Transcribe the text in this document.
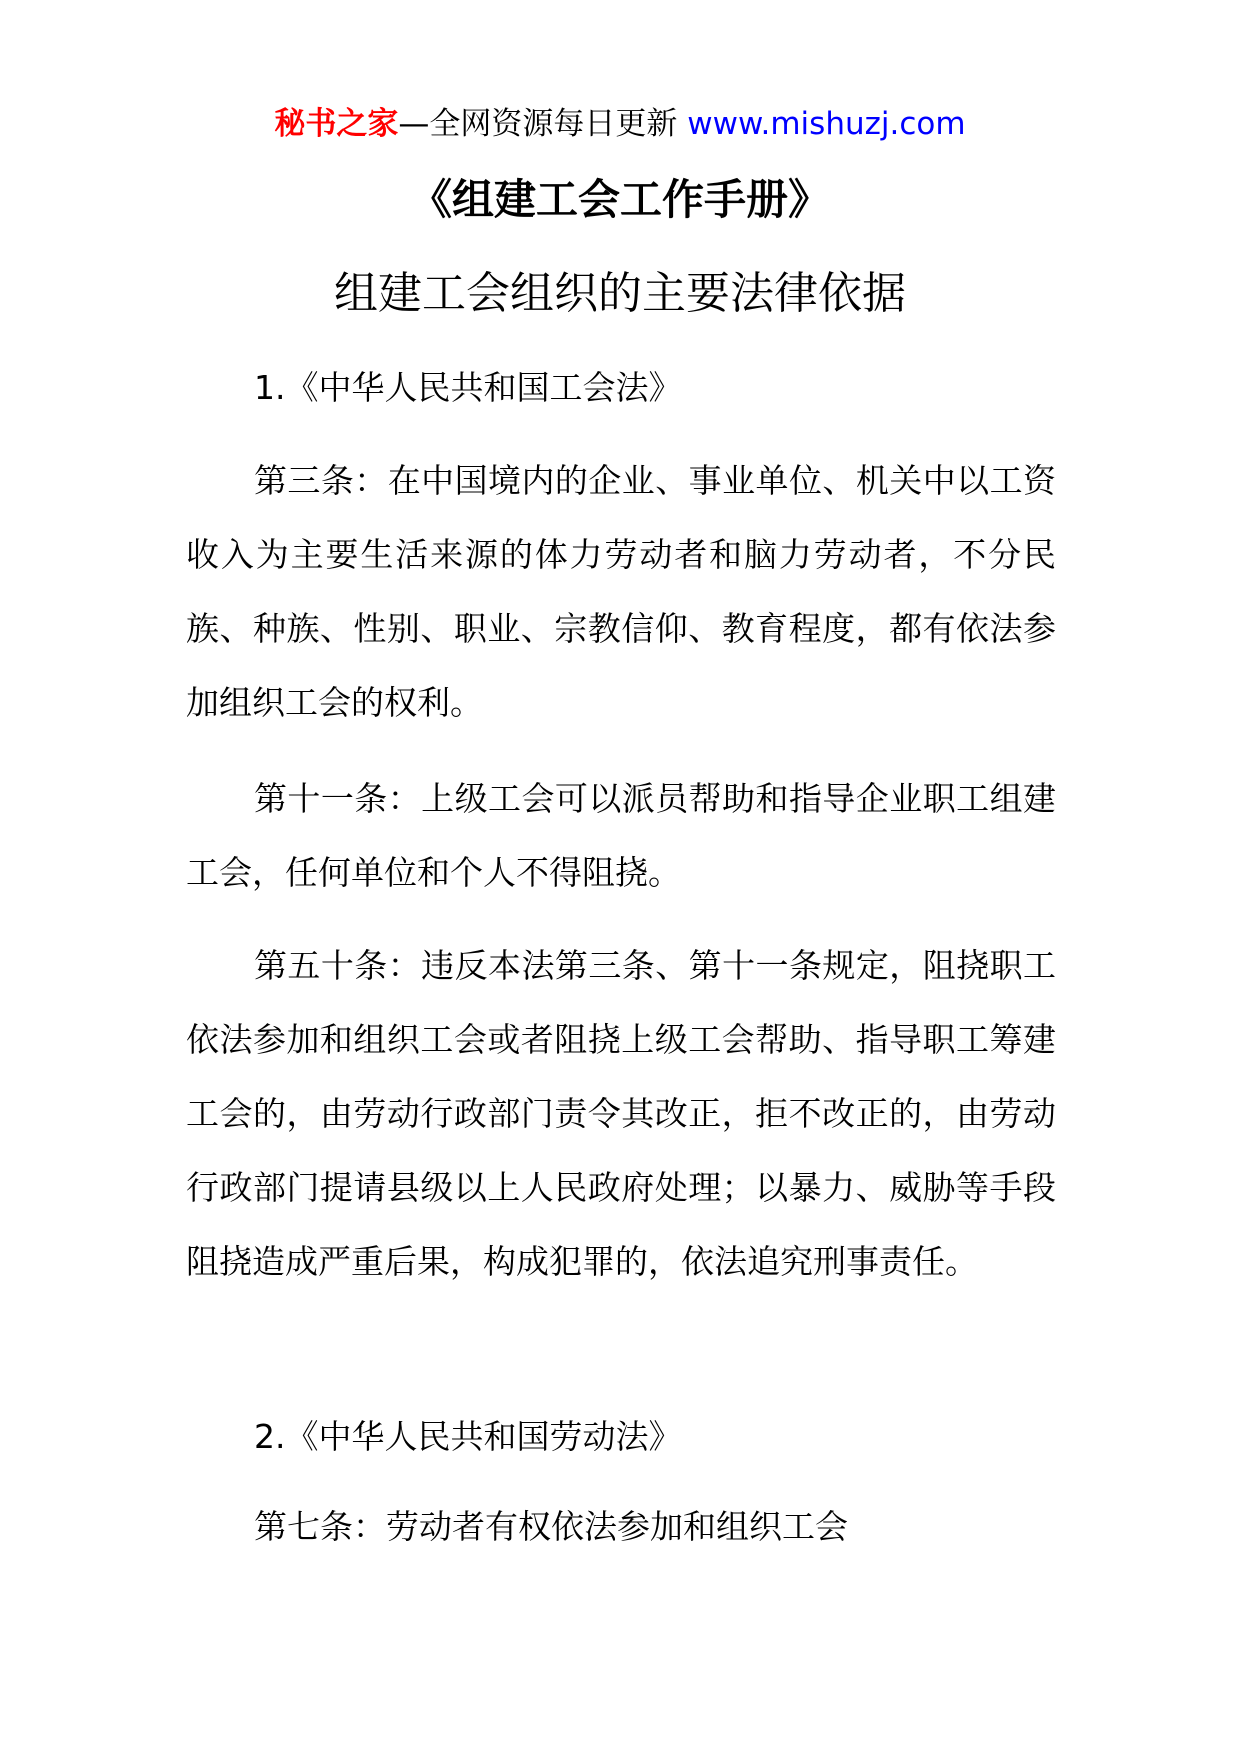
秘书之家—全网资源每日更新 www.mishuzj.com
《组建工会工作手册》
组建工会组织的主要法律依据
1.《中华人民共和国工会法》
第三条：在中国境内的企业、事业单位、机关中以工资收入为主要生活来源的体力劳动者和脑力劳动者，不分民族、种族、性别、职业、宗教信仰、教育程度，都有依法参加组织工会的权利。
第十一条：上级工会可以派员帮助和指导企业职工组建工会，任何单位和个人不得阻挠。
第五十条：违反本法第三条、第十一条规定，阻挠职工依法参加和组织工会或者阻挠上级工会帮助、指导职工筹建工会的，由劳动行政部门责令其改正，拒不改正的，由劳动行政部门提请县级以上人民政府处理；以暴力、威胁等手段阻挠造成严重后果，构成犯罪的，依法追究刑事责任。
2.《中华人民共和国劳动法》
第七条：劳动者有权依法参加和组织工会
